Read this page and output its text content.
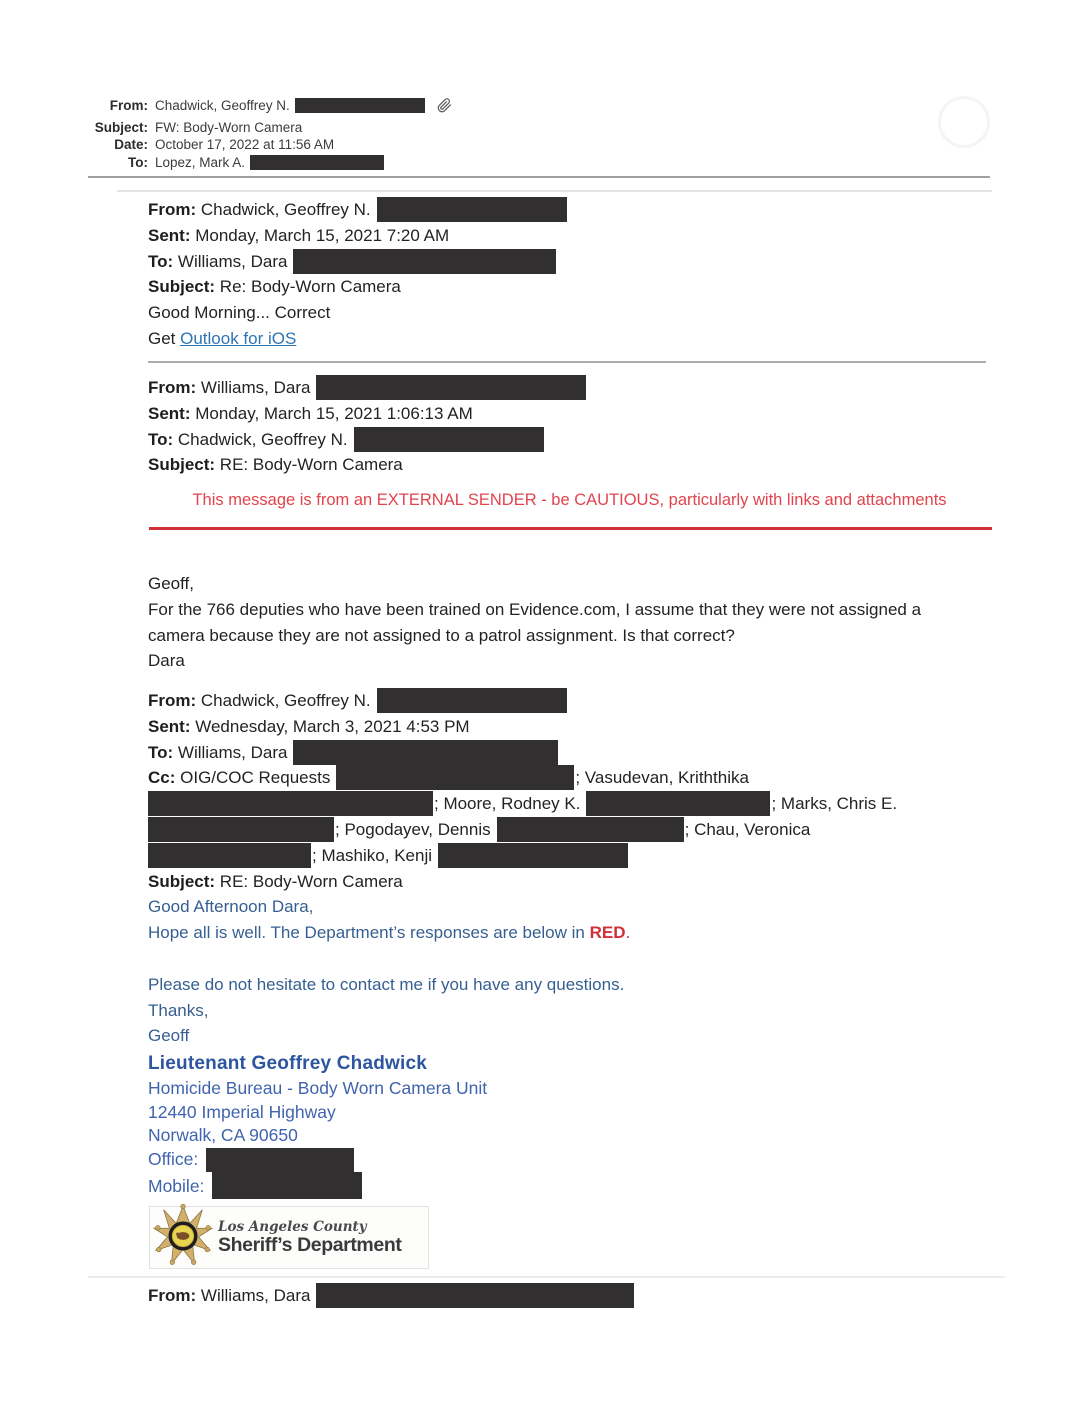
From: Chadwick, Geoffrey N.
Subject: FW: Body-Worn Camera
Date: October 17, 2022 at 11:56 AM
To: Lopez, Mark A.
From: Chadwick, Geoffrey N.
Sent: Monday, March 15, 2021 7:20 AM
To: Williams, Dara
Subject: Re: Body-Worn Camera
Good Morning... Correct
Get Outlook for iOS
From: Williams, Dara
Sent: Monday, March 15, 2021 1:06:13 AM
To: Chadwick, Geoffrey N.
Subject: RE: Body-Worn Camera
This message is from an EXTERNAL SENDER - be CAUTIOUS, particularly with links and attachments
Geoff,
For the 766 deputies who have been trained on Evidence.com, I assume that they were not assigned a camera because they are not assigned to a patrol assignment. Is that correct?
Dara
From: Chadwick, Geoffrey N.
Sent: Wednesday, March 3, 2021 4:53 PM
To: Williams, Dara
Cc: OIG/COC Requests	; Vasudevan, Kriththika
; Moore, Rodney K.	; Marks, Chris E.
; Pogodayev, Dennis	; Chau, Veronica
; Mashiko, Kenji
Subject: RE: Body-Worn Camera
Good Afternoon Dara,
Hope all is well. The Department’s responses are below in RED.
Please do not hesitate to contact me if you have any questions.
Thanks,
Geoff
Lieutenant Geoffrey Chadwick
Homicide Bureau - Body Worn Camera Unit
12440 Imperial Highway
Norwalk, CA 90650
Office:
Mobile:
Los Angeles County
Sheriff’s Department
From: Williams, Dara
